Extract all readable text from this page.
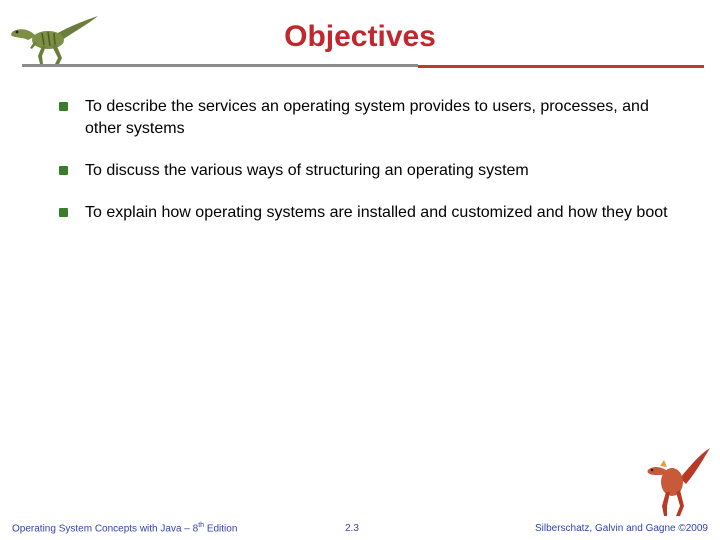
Objectives
To describe the services an operating system provides to users, processes, and other systems
To discuss the various ways of structuring an operating system
To explain how operating systems are installed and customized and how they boot
Operating System Concepts with Java – 8th Edition	2.3	Silberschatz, Galvin and Gagne ©2009
